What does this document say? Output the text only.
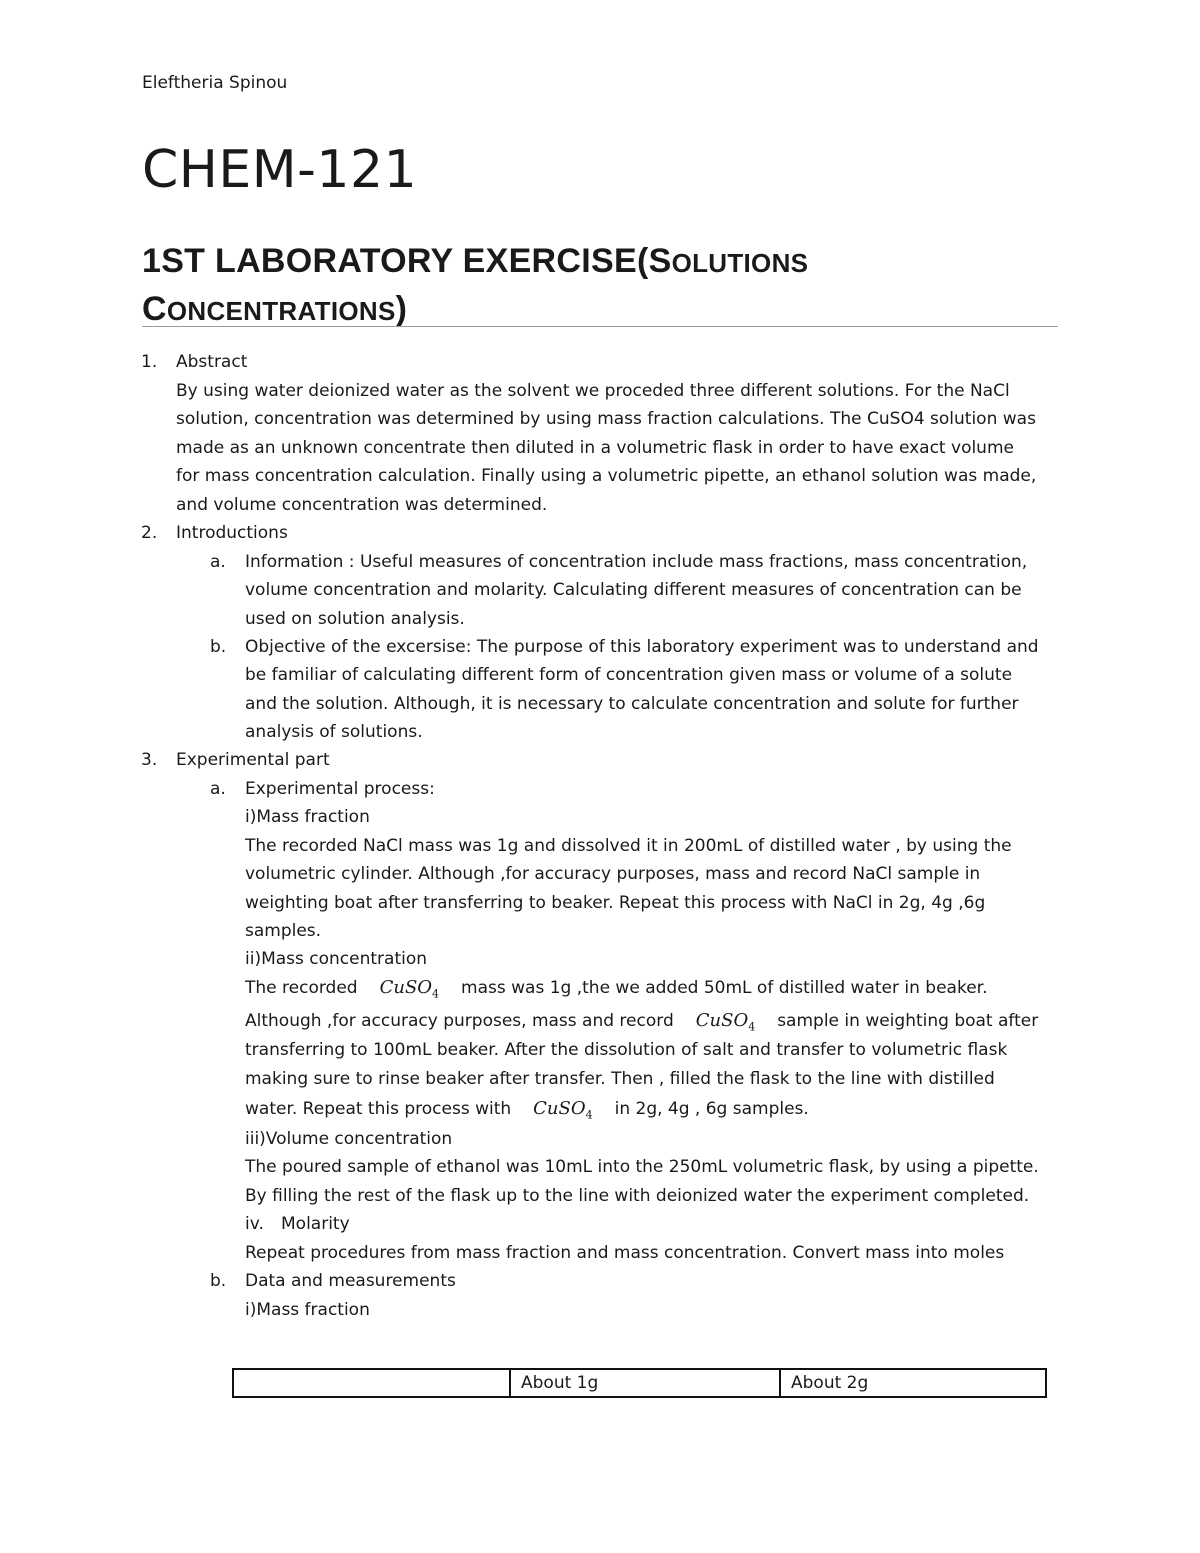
Eleftheria Spinou
CHEM-121
1ST LABORATORY EXERCISE(SOLUTIONS
CONCENTRATIONS)
1. Abstract
By using water deionized water as the solvent we proceded three different solutions. For the NaCl
solution, concentration was determined by using mass fraction calculations. The CuSO4 solution was
made as an unknown concentrate then diluted in a volumetric flask in order to have exact volume
for mass concentration calculation. Finally using a volumetric pipette, an ethanol solution was made,
and volume concentration was determined.
2. Introductions
a. Information : Useful measures of concentration include mass fractions, mass concentration,
volume concentration and molarity. Calculating different measures of concentration can be
used on solution analysis.
b. Objective of the excersise: The purpose of this laboratory experiment was to understand and
be familiar of calculating different form of concentration given mass or volume of a solute
and the solution. Although, it is necessary to calculate concentration and solute for further
analysis of solutions.
3. Experimental part
a. Experimental process:
i)Mass fraction
The recorded NaCl mass was 1g and dissolved it in 200mL of distilled water , by using the
volumetric cylinder. Although ,for accuracy purposes, mass and record NaCl sample in
weighting boat after transferring to beaker. Repeat this process with NaCl in 2g, 4g ,6g
samples.
ii)Mass concentration
The recorded CuSO$_4$ mass was 1g ,the we added 50mL of distilled water in beaker.
Although ,for accuracy purposes, mass and record CuSO$_4$ sample in weighting boat after
transferring to 100mL beaker. After the dissolution of salt and transfer to volumetric flask
making sure to rinse beaker after transfer. Then , filled the flask to the line with distilled
water. Repeat this process with CuSO$_4$ in 2g, 4g , 6g samples.
iii)Volume concentration
The poured sample of ethanol was 10mL into the 250mL volumetric flask, by using a pipette.
By filling the rest of the flask up to the line with deionized water the experiment completed.
iv. Molarity
Repeat procedures from mass fraction and mass concentration. Convert mass into moles
b. Data and measurements
i)Mass fraction
	About 1g	About 2g
